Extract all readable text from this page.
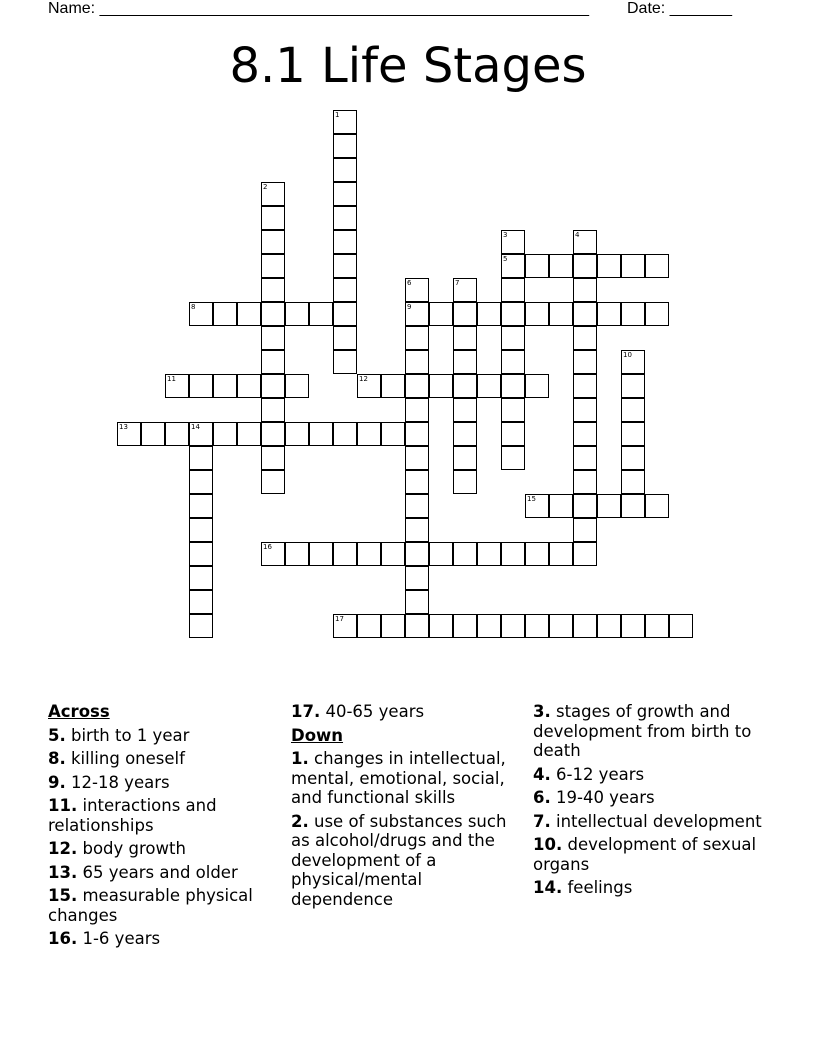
Name: _______________________________________________________ Date: _______
8.1 Life Stages
1
2
3
5
4
6
9
7
8
10
11	12
13	14
15
16
17
Across
5. birth to 1 year
8. killing oneself
9. 12-18 years
11. interactions and relationships
12. body growth
13. 65 years and older
15. measurable physical changes
16. 1-6 years
17. 40-65 years
Down
1. changes in intellectual, mental, emotional, social, and functional skills
2. use of substances such as alcohol/drugs and the development of a physical/mental dependence
3. stages of growth and development from birth to death
4. 6-12 years
6. 19-40 years
7. intellectual development
10. development of sexual organs
14. feelings
